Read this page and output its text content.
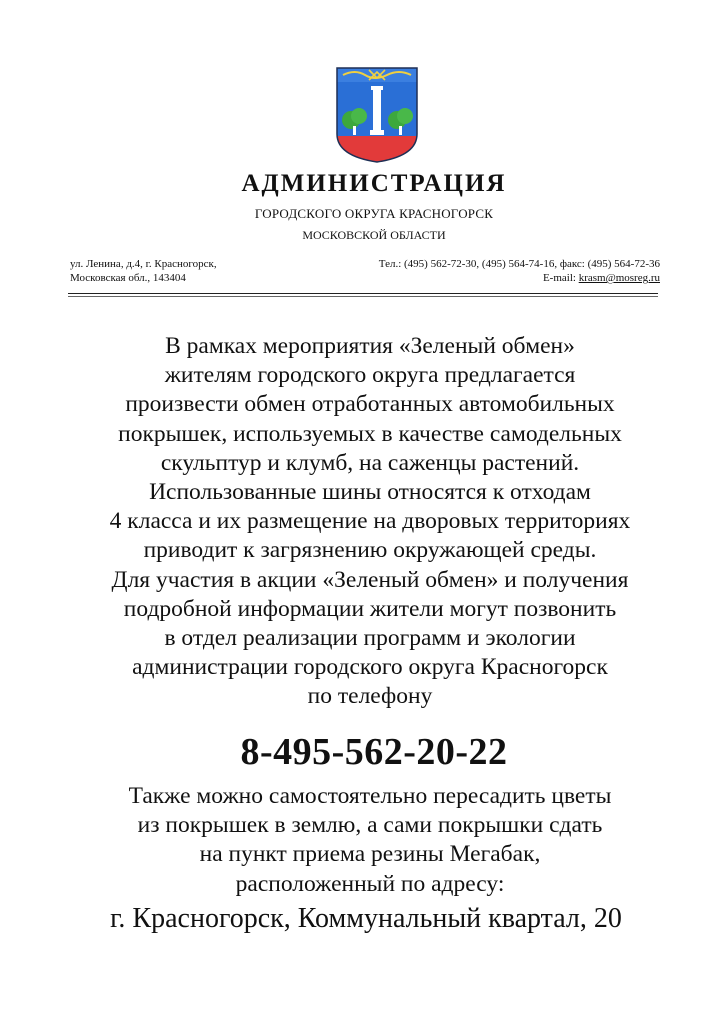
АДМИНИСТРАЦИЯ
ГОРОДСКОГО ОКРУГА КРАСНОГОРСК
МОСКОВСКОЙ ОБЛАСТИ
ул. Ленина, д.4, г. Красногорск,
Московская обл., 143404
Тел.: (495) 562-72-30, (495) 564-74-16, факс: (495) 564-72-36
E-mail: krasm@mosreg.ru
В рамках мероприятия «Зеленый обмен»
жителям городского округа предлагается
произвести обмен отработанных автомобильных
покрышек, используемых в качестве самодельных
скульптур и клумб, на саженцы растений.
Использованные шины относятся к отходам
4 класса и их размещение на дворовых территориях
приводит к загрязнению окружающей среды.
Для участия в акции «Зеленый обмен» и получения
подробной информации жители могут позвонить
в отдел реализации программ и экологии
администрации городского округа Красногорск
по телефону
8-495-562-20-22
Также можно самостоятельно пересадить цветы
из покрышек в землю, а сами покрышки сдать
на пункт приема резины Мегабак,
расположенный по адресу:
г. Красногорск, Коммунальный квартал, 20
